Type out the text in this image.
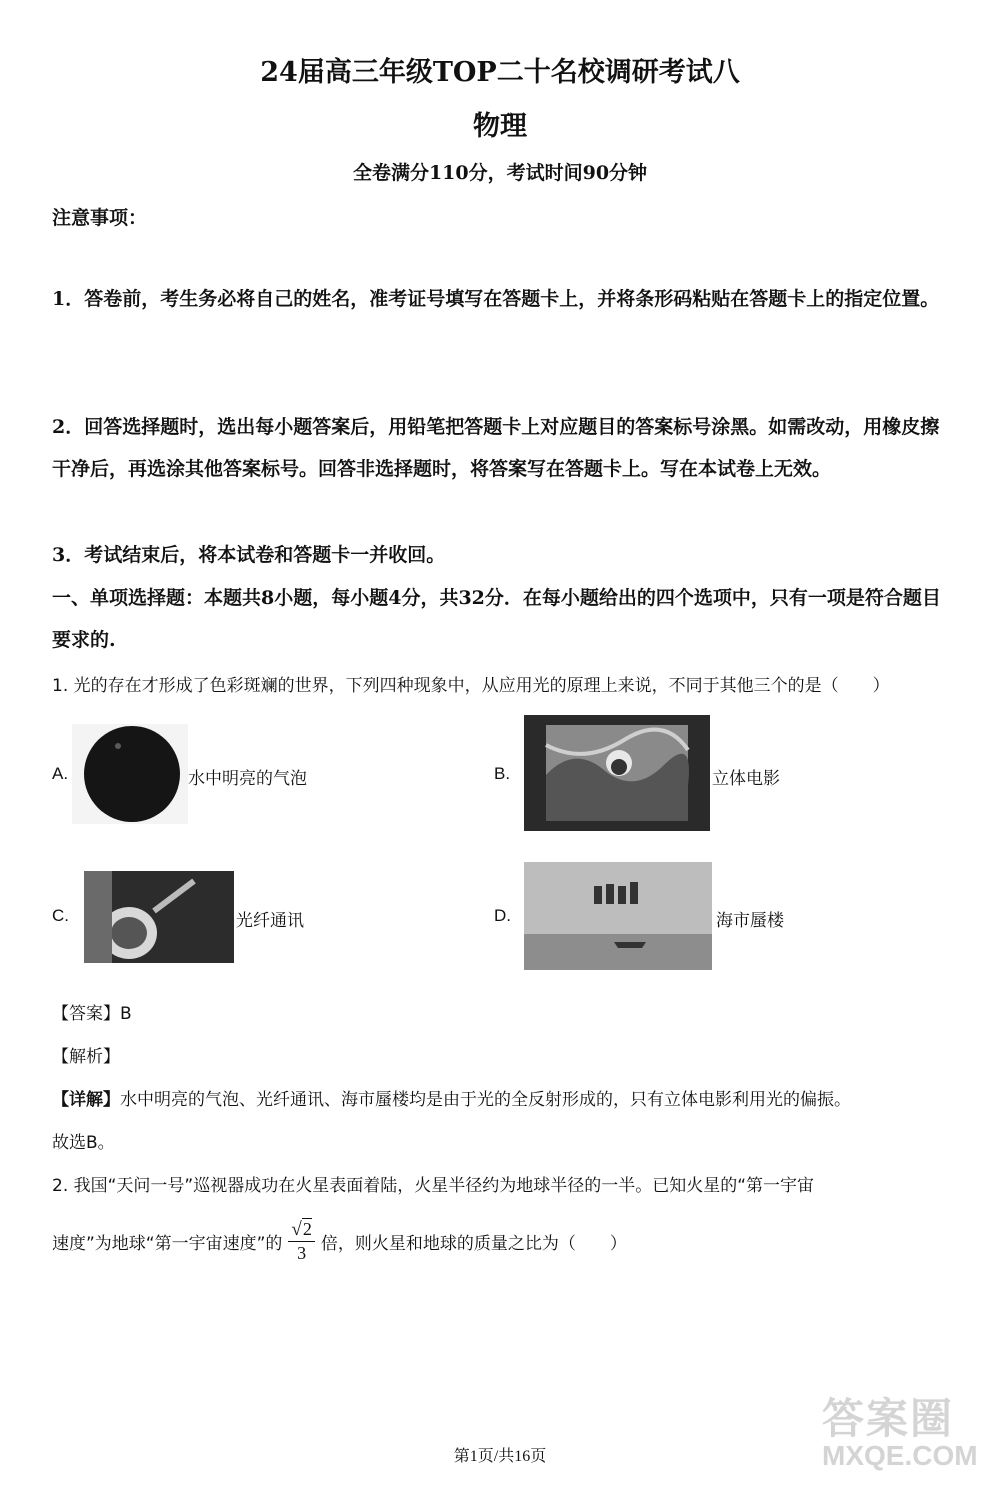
24届高三年级TOP二十名校调研考试八
物理
全卷满分110分，考试时间90分钟
注意事项：
1．答卷前，考生务必将自己的姓名，准考证号填写在答题卡上，并将条形码粘贴在答题卡上的指定位置。
2．回答选择题时，选出每小题答案后，用铅笔把答题卡上对应题目的答案标号涂黑。如需改动，用橡皮擦干净后，再选涂其他答案标号。回答非选择题时，将答案写在答题卡上。写在本试卷上无效。
3．考试结束后，将本试卷和答题卡一并收回。
一、单项选择题：本题共8小题，每小题4分，共32分．在每小题给出的四个选项中，只有一项是符合题目要求的.
1. 光的存在才形成了色彩斑斓的世界，下列四种现象中，从应用光的原理上来说，不同于其他三个的是（　　）
A.	水中明亮的气泡	B.	立体电影
C.	光纤通讯	D.	海市蜃楼
【答案】B
【解析】
【详解】水中明亮的气泡、光纤通讯、海市蜃楼均是由于光的全反射形成的，只有立体电影利用光的偏振。
故选B。
2. 我国“天问一号”巡视器成功在火星表面着陆，火星半径约为地球半径的一半。已知火星的“第一宇宙
速度”为地球“第一宇宙速度”的 $\frac{√2}{3}$ 倍，则火星和地球的质量之比为（　　）
答案圈
MXQE.COM
第1页/共16页
